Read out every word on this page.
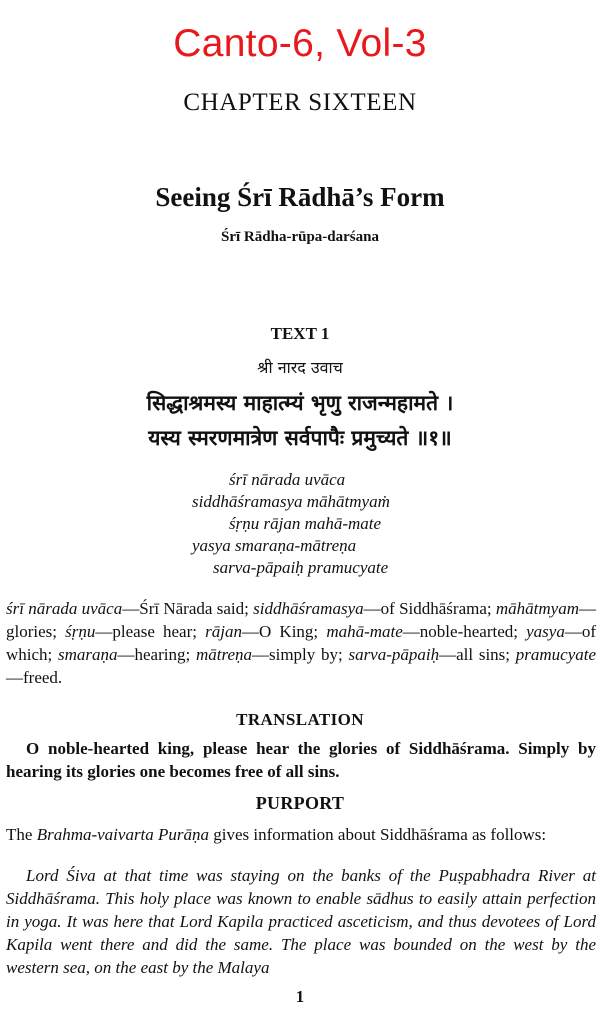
Canto-6, Vol-3
CHAPTER SIXTEEN
Seeing Śrī Rādhā’s Form
Śrī Rādha-rūpa-darśana
TEXT 1
श्री नारद उवाच
सिद्धाश्रमस्य माहात्म्यं भृणु राजन्महामते ।
यस्य स्मरणमात्रेण सर्वपापैः प्रमुच्यते ॥१॥
śrī nārada uvāca
siddhāśramasya māhātmyaṁ
śṛṇu rājan mahā-mate
yasya smaraṇa-mātreṇa
sarva-pāpaiḥ pramucyate
śrī nārada uvāca—Śrī Nārada said; siddhāśramasya—of Siddhāśrama; māhātmyam—glories; śṛṇu—please hear; rājan—O King; mahā-mate—noble-hearted; yasya—of which; smaraṇa—hearing; mātreṇa—simply by; sarva-pāpaiḥ—all sins; pramucyate—freed.
TRANSLATION
O noble-hearted king, please hear the glories of Siddhāśrama. Simply by hearing its glories one becomes free of all sins.
PURPORT
The Brahma-vaivarta Purāṇa gives information about Siddhāśrama as follows:
Lord Śiva at that time was staying on the banks of the Puṣpabhadra River at Siddhāśrama. This holy place was known to enable sādhus to easily attain perfection in yoga. It was here that Lord Kapila practiced asceticism, and thus devotees of Lord Kapila went there and did the same. The place was bounded on the west by the western sea, on the east by the Malaya
1
